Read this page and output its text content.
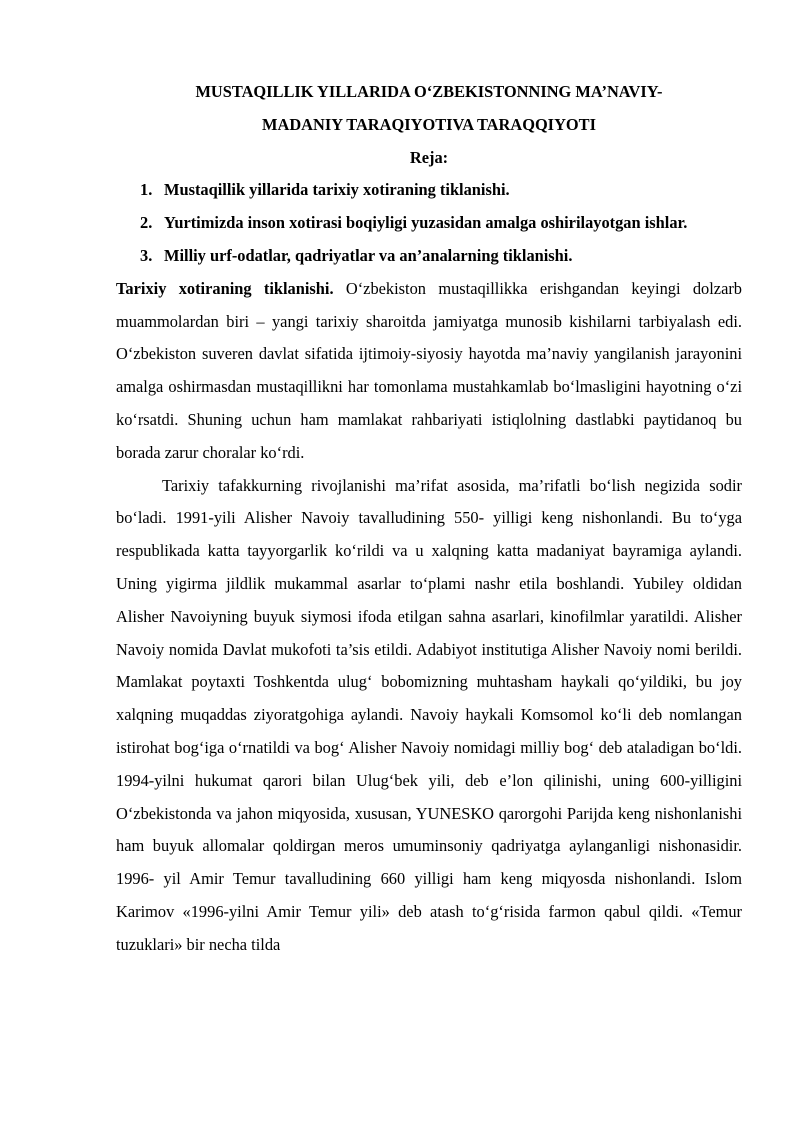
MUSTAQILLIK YILLARIDA O‘ZBEKISTONNING MA’NAVIY-

MADANIY TARAQIYOTIVA TARAQQIYOTI

Reja:

Mustaqillik yillarida tarixiy xotiraning tiklanishi.
Yurtimizda inson xotirasi boqiyligi yuzasidan amalga oshirilayotgan ishlar.
Milliy urf-odatlar, qadriyatlar va an’analarning tiklanishi.

Tarixiy xotiraning tiklanishi. O‘zbekiston mustaqillikka erishgandan keyingi dolzarb muammolardan biri – yangi tarixiy sharoitda jamiyatga munosib kishilarni tarbiyalash edi. O‘zbekiston suveren davlat sifatida ijtimoiy-siyosiy hayotda ma’naviy yangilanish jarayonini amalga oshirmasdan mustaqillikni har tomonlama mustahkamlab bo‘lmasligini hayotning o‘zi ko‘rsatdi. Shuning uchun ham mamlakat rahbariyati istiqlolning dastlabki paytidanoq bu borada zarur choralar ko‘rdi.

Tarixiy tafakkurning rivojlanishi ma’rifat asosida, ma’rifatli bo‘lish negizida sodir bo‘ladi. 1991-yili Alisher Navoiy tavalludining 550- yilligi keng nishonlandi. Bu to‘yga respublikada katta tayyorgarlik ko‘rildi va u xalqning katta madaniyat bayramiga aylandi. Uning yigirma jildlik mukammal asarlar to‘plami nashr etila boshlandi. Yubiley oldidan Alisher Navoiyning buyuk siymosi ifoda etilgan sahna asarlari, kinofilmlar yaratildi. Alisher Navoiy nomida Davlat mukofoti ta’sis etildi. Adabiyot institutiga Alisher Navoiy nomi berildi. Mamlakat poytaxti Toshkentda ulug‘ bobomizning muhtasham haykali qo‘yildiki, bu joy xalqning muqaddas ziyoratgohiga aylandi. Navoiy haykali Komsomol ko‘li deb nomlangan istirohat bog‘iga o‘rnatildi va bog‘ Alisher Navoiy nomidagi milliy bog‘ deb ataladigan bo‘ldi. 1994-yilni hukumat qarori bilan Ulug‘bek yili, deb e’lon qilinishi, uning 600-yilligini O‘zbekistonda va jahon miqyosida, xususan, YUNESKO qarorgohi Parijda keng nishonlanishi ham buyuk allomalar qoldirgan meros umuminsoniy qadriyatga aylanganligi nishonasidir. 1996- yil Amir Temur tavalludining 660 yilligi ham keng miqyosda nishonlandi. Islom Karimov «1996-yilni Amir Temur yili» deb atash to‘g‘risida farmon qabul qildi. «Temur tuzuklari» bir necha tilda
